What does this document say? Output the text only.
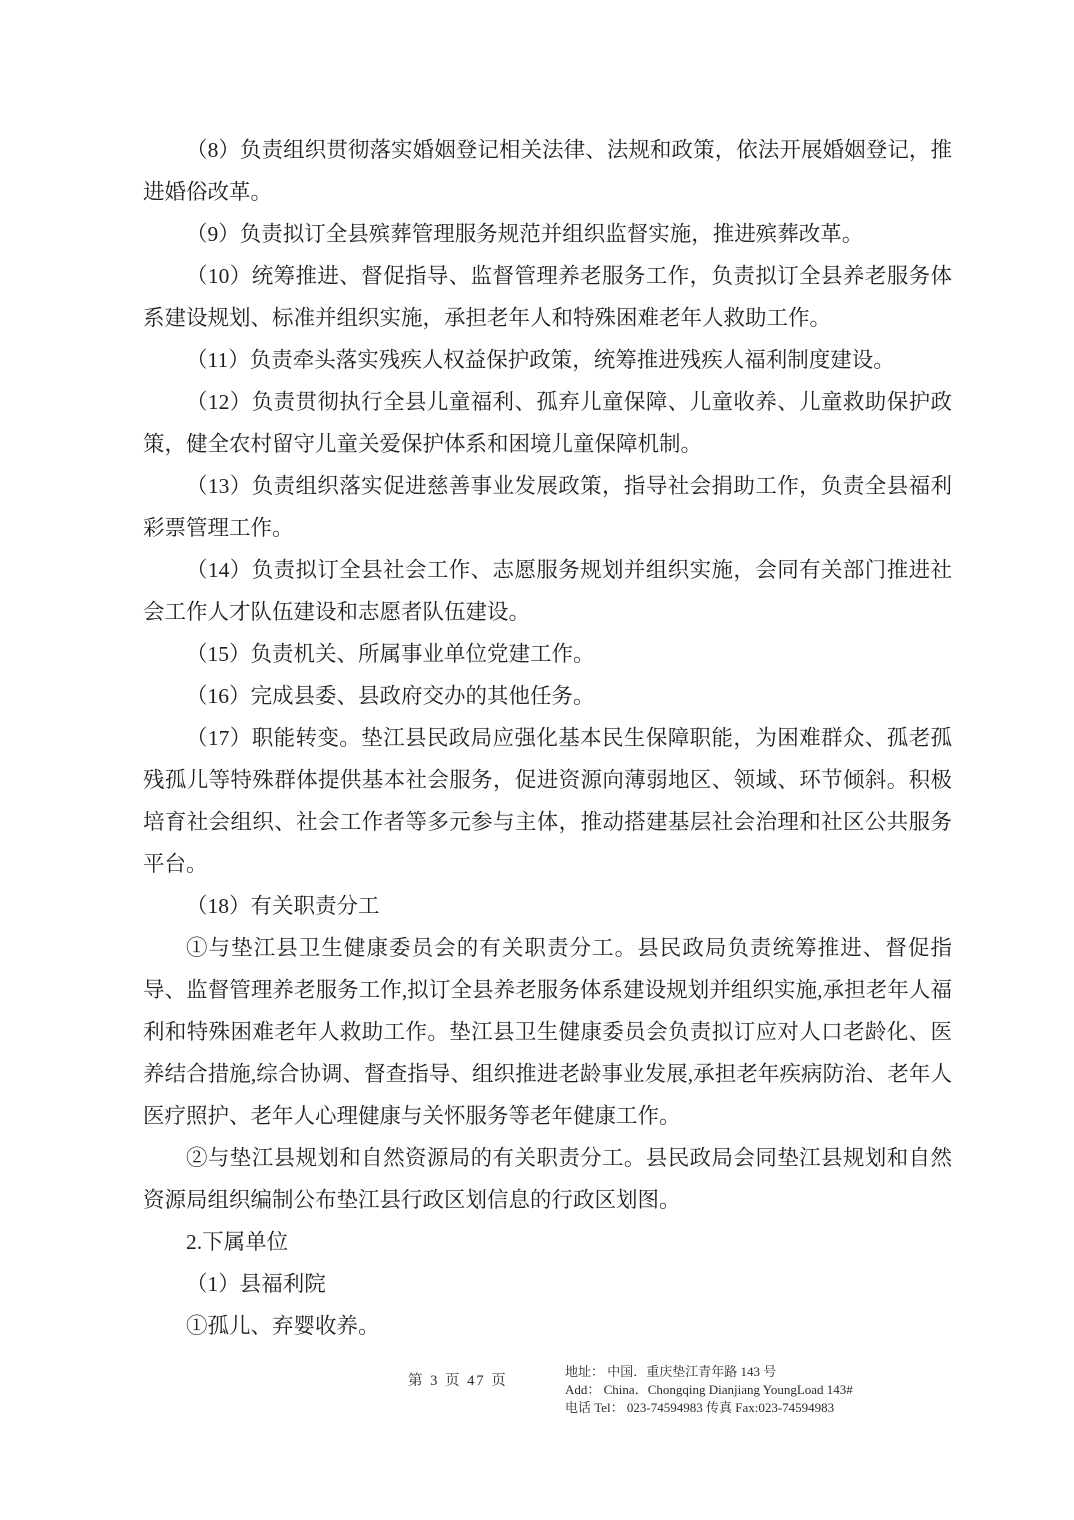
（8）负责组织贯彻落实婚姻登记相关法律、法规和政策，依法开展婚姻登记，推进婚俗改革。

（9）负责拟订全县殡葬管理服务规范并组织监督实施，推进殡葬改革。

（10）统筹推进、督促指导、监督管理养老服务工作，负责拟订全县养老服务体系建设规划、标准并组织实施，承担老年人和特殊困难老年人救助工作。

（11）负责牵头落实残疾人权益保护政策，统筹推进残疾人福利制度建设。

（12）负责贯彻执行全县儿童福利、孤弃儿童保障、儿童收养、儿童救助保护政策，健全农村留守儿童关爱保护体系和困境儿童保障机制。

（13）负责组织落实促进慈善事业发展政策，指导社会捐助工作，负责全县福利彩票管理工作。

（14）负责拟订全县社会工作、志愿服务规划并组织实施，会同有关部门推进社会工作人才队伍建设和志愿者队伍建设。

（15）负责机关、所属事业单位党建工作。

（16）完成县委、县政府交办的其他任务。

（17）职能转变。垫江县民政局应强化基本民生保障职能，为困难群众、孤老孤残孤儿等特殊群体提供基本社会服务，促进资源向薄弱地区、领域、环节倾斜。积极培育社会组织、社会工作者等多元参与主体，推动搭建基层社会治理和社区公共服务平台。

（18）有关职责分工

①与垫江县卫生健康委员会的有关职责分工。县民政局负责统筹推进、督促指导、监督管理养老服务工作,拟订全县养老服务体系建设规划并组织实施,承担老年人福利和特殊困难老年人救助工作。垫江县卫生健康委员会负责拟订应对人口老龄化、医养结合措施,综合协调、督查指导、组织推进老龄事业发展,承担老年疾病防治、老年人医疗照护、老年人心理健康与关怀服务等老年健康工作。

②与垫江县规划和自然资源局的有关职责分工。县民政局会同垫江县规划和自然资源局组织编制公布垫江县行政区划信息的行政区划图。

2.下属单位

（1）县福利院

①孤儿、弃婴收养。

第 3 页 47 页

地址： 中国．重庆垫江青年路 143 号

Add： China．Chongqing Dianjiang YoungLoad 143#

电话 Tel： 023-74594983 传真 Fax:023-74594983
